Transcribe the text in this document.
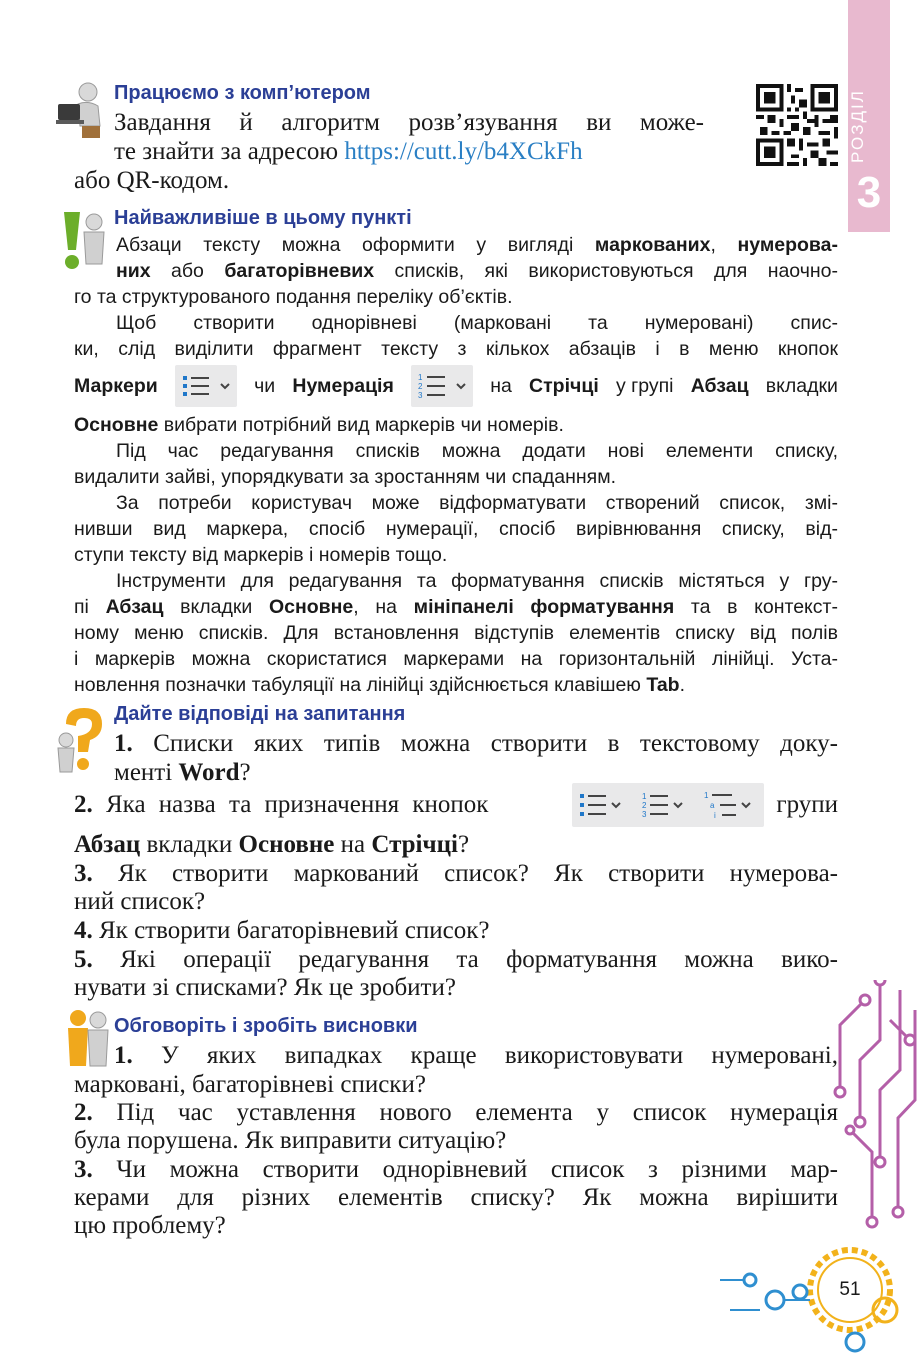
РОЗДІЛ
3
51
Працюємо з комп’ютером
Завдання й алгоритм розв’язування ви може-
те знайти за адресою https://cutt.ly/b4XCkFh
або QR-кодом.
Найважливіше в цьому пункті
Абзаци тексту можна оформити у вигляді маркованих, нумерова-
них або багаторівневих списків, які використовуються для наочно-
го та структурованого подання переліку об’єктів.
Щоб створити однорівневі (марковані та нумеровані) спис-
ки, слід виділити фрагмент тексту з кількох абзаців і в меню кнопок
Маркери	чи Нумерація	1
2
3	на Стрічці у групі Абзац вкладки
Основне вибрати потрібний вид маркерів чи номерів.
Під час редагування списків можна додати нові елементи списку,
видалити зайві, упорядкувати за зростанням чи спаданням.
За потреби користувач може відформатувати створений список, змі-
нивши вид маркера, спосіб нумерації, спосіб вирівнювання списку, від-
ступи тексту від маркерів і номерів тощо.
Інструменти для редагування та форматування списків містяться у гру-
пі Абзац вкладки Основне, на мініпанелі форматування та в контекст-
ному меню списків. Для встановлення відступів елементів списку від полів
і маркерів можна скористатися маркерами на горизонтальній лінійці. Уста-
новлення позначки табуляції на лінійці здійснюється клавішею Tab.
Дайте відповіді на запитання
1. Списки яких типів можна створити в текстовому доку-
менті Word?
2. Яка назва та призначення кнопок	1
2
3
1
a
i групи
Абзац вкладки Основне на Стрічці?
3. Як створити маркований список? Як створити нумерова-
ний список?
4. Як створити багаторівневий список?
5. Які операції редагування та форматування можна вико-
нувати зі списками? Як це зробити?
Обговоріть і зробіть висновки
1. У яких випадках краще використовувати нумеровані,
марковані, багаторівневі списки?
2. Під час уставлення нового елемента у список нумерація
була порушена. Як виправити ситуацію?
3. Чи можна створити однорівневий список з різними мар-
керами для різних елементів списку? Як можна вирішити
цю проблему?
